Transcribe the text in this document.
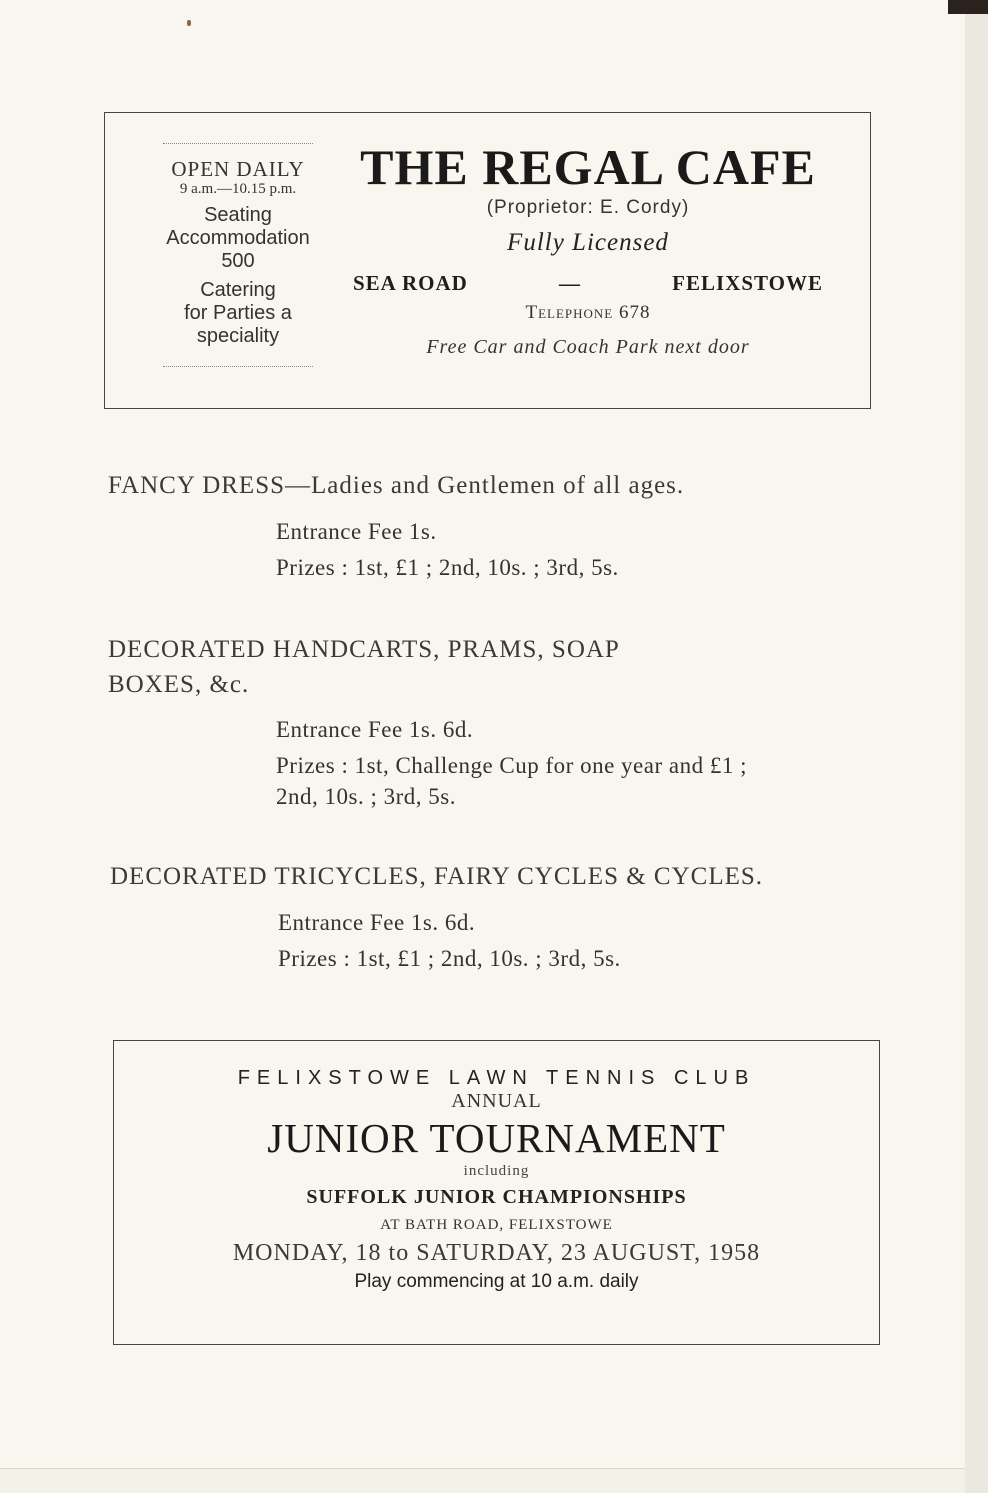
OPEN DAILY
9 a.m.—10.15 p.m.
Seating
Accommodation
500
Catering
for Parties a
speciality
THE REGAL CAFE
(Proprietor: E. Cordy)
Fully Licensed
SEA ROAD	—	FELIXSTOWE
Telephone 678
Free Car and Coach Park next door
FANCY DRESS—Ladies and Gentlemen of all ages.
Entrance Fee 1s.
Prizes : 1st, £1 ; 2nd, 10s. ; 3rd, 5s.
DECORATED HANDCARTS, PRAMS, SOAP
BOXES, &c.
Entrance Fee 1s. 6d.
Prizes : 1st, Challenge Cup for one year and £1 ;
2nd, 10s. ; 3rd, 5s.
DECORATED TRICYCLES, FAIRY CYCLES & CYCLES.
Entrance Fee 1s. 6d.
Prizes : 1st, £1 ; 2nd, 10s. ; 3rd, 5s.
FELIXSTOWE LAWN TENNIS CLUB
ANNUAL
JUNIOR TOURNAMENT
including
SUFFOLK JUNIOR CHAMPIONSHIPS
AT BATH ROAD, FELIXSTOWE
MONDAY, 18 to SATURDAY, 23 AUGUST, 1958
Play commencing at 10 a.m. daily
